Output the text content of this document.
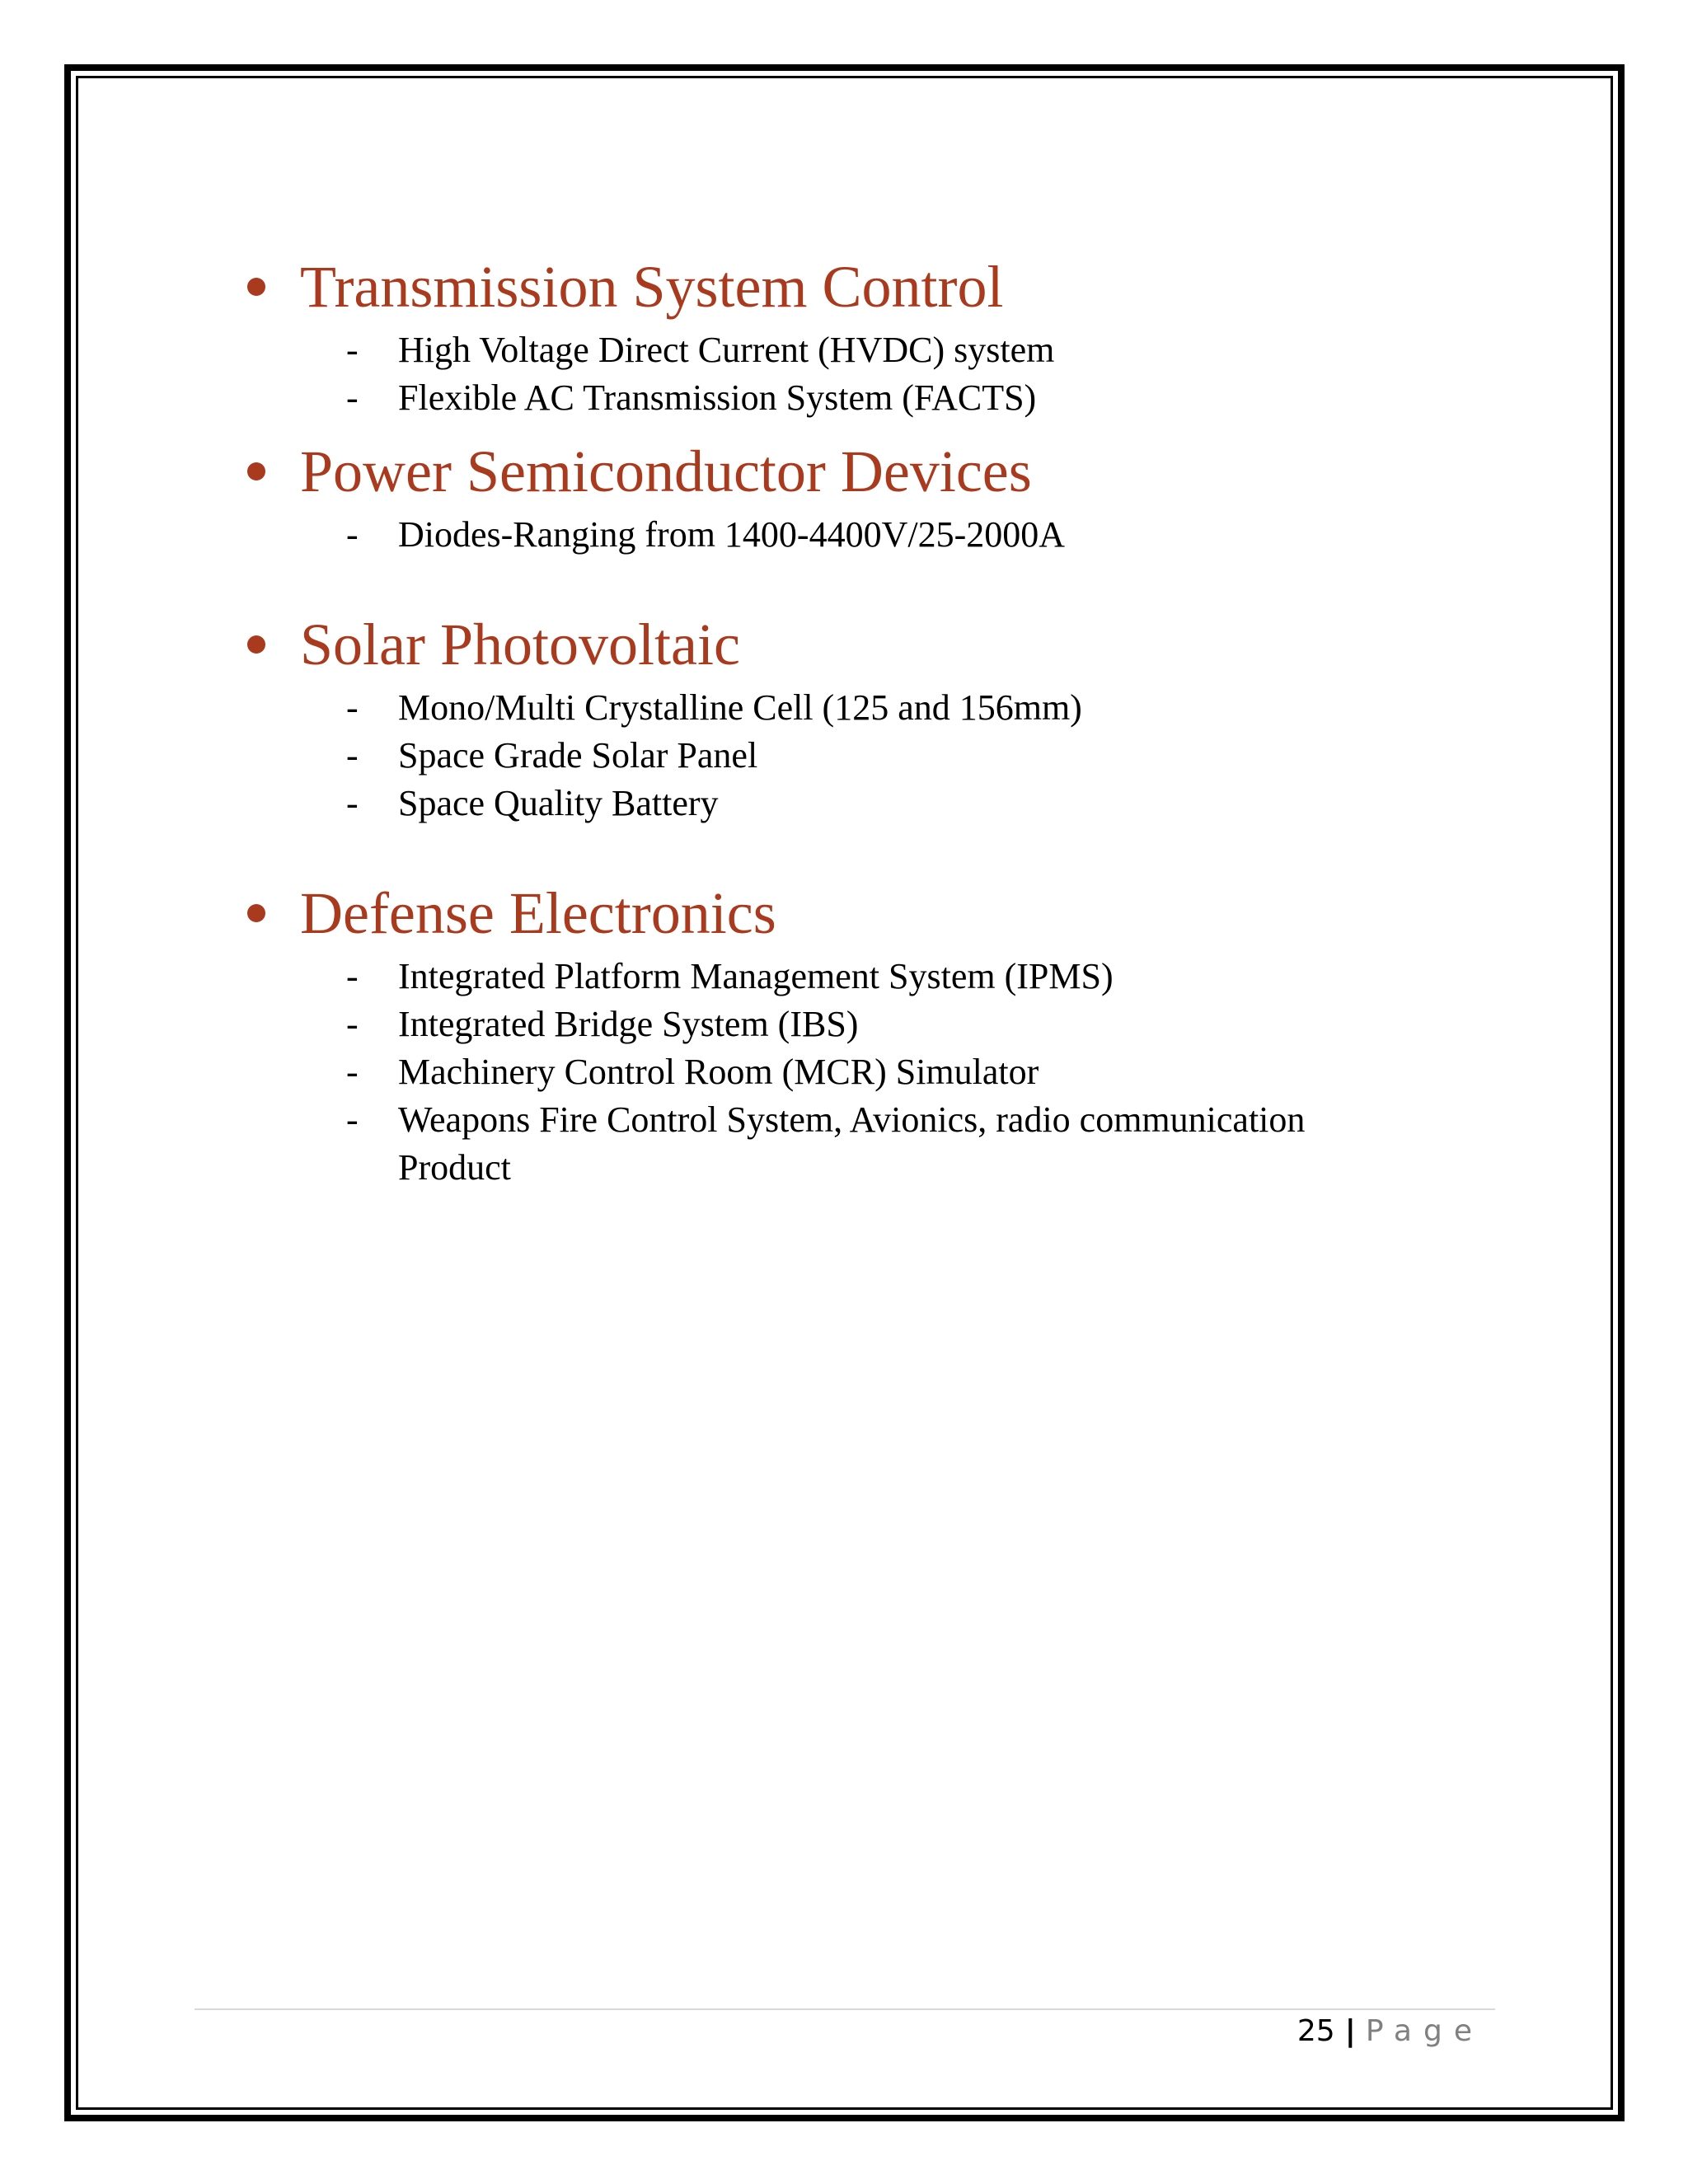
Transmission System Control
- High Voltage Direct Current (HVDC) system
- Flexible AC Transmission System (FACTS)
Power Semiconductor Devices
- Diodes-Ranging from 1400-4400V/25-2000A
Solar Photovoltaic
- Mono/Multi Crystalline Cell (125 and 156mm)
- Space Grade Solar Panel
- Space Quality Battery
Defense Electronics
- Integrated Platform Management System (IPMS)
- Integrated Bridge System (IBS)
- Machinery Control Room (MCR) Simulator
- Weapons Fire Control System, Avionics, radio communication Product
25 | Page
